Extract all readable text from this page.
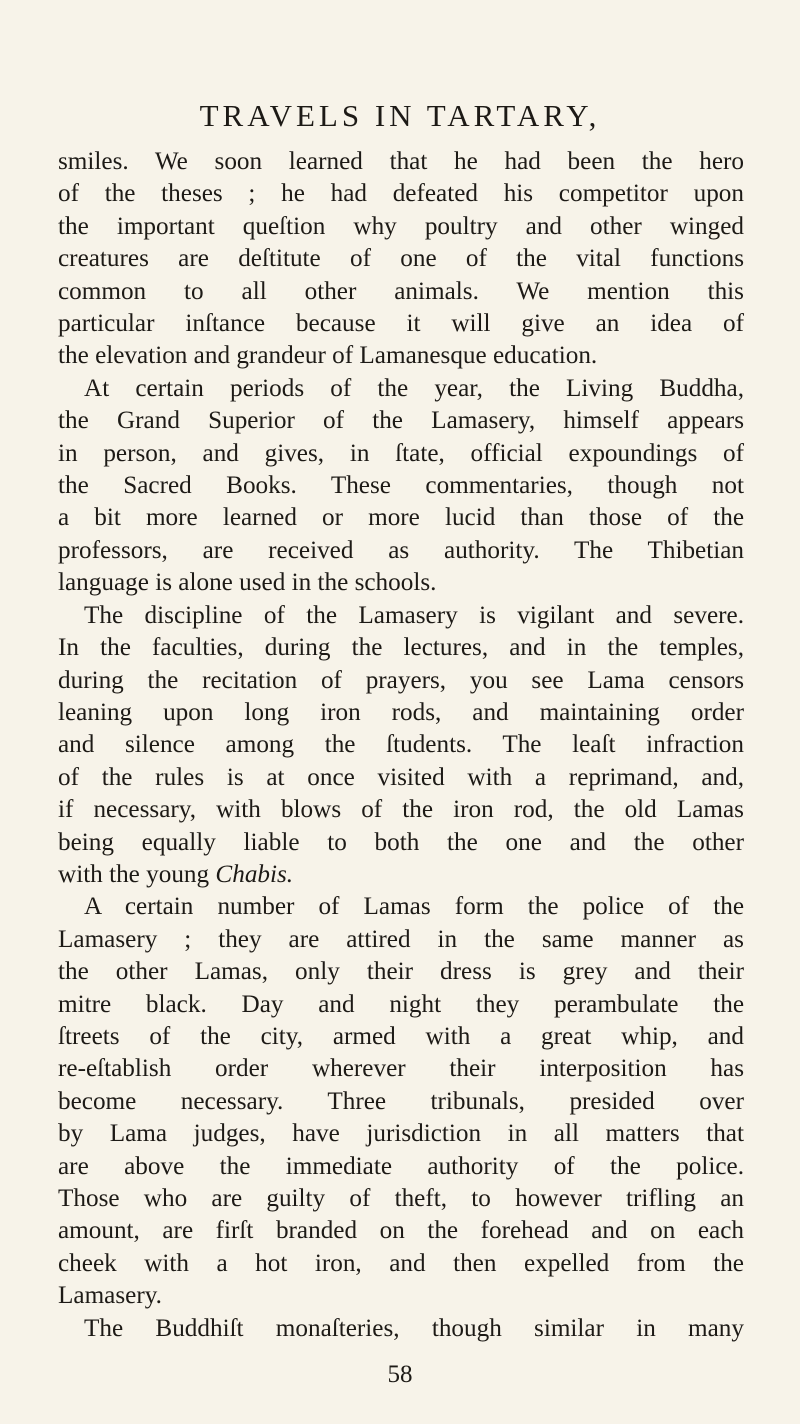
TRAVELS IN TARTARY,
smiles. We soon learned that he had been the hero
of the theses ; he had defeated his competitor upon
the important queſtion why poultry and other winged
creatures are deſtitute of one of the vital functions
common to all other animals. We mention this
particular inſtance because it will give an idea of
the elevation and grandeur of Lamanesque education.
At certain periods of the year, the Living Buddha,
the Grand Superior of the Lamasery, himself appears
in person, and gives, in ſtate, official expoundings of
the Sacred Books. These commentaries, though not
a bit more learned or more lucid than those of the
professors, are received as authority. The Thibetian
language is alone used in the schools.
The discipline of the Lamasery is vigilant and severe.
In the faculties, during the lectures, and in the temples,
during the recitation of prayers, you see Lama censors
leaning upon long iron rods, and maintaining order
and silence among the ſtudents. The leaſt infraction
of the rules is at once visited with a reprimand, and,
if necessary, with blows of the iron rod, the old Lamas
being equally liable to both the one and the other
with the young Chabis.
A certain number of Lamas form the police of the
Lamasery ; they are attired in the same manner as
the other Lamas, only their dress is grey and their
mitre black. Day and night they perambulate the
ſtreets of the city, armed with a great whip, and
re-eſtablish order wherever their interposition has
become necessary. Three tribunals, presided over
by Lama judges, have jurisdiction in all matters that
are above the immediate authority of the police.
Those who are guilty of theft, to however trifling an
amount, are firſt branded on the forehead and on each
cheek with a hot iron, and then expelled from the
Lamasery.
The Buddhiſt monaſteries, though similar in many
58
